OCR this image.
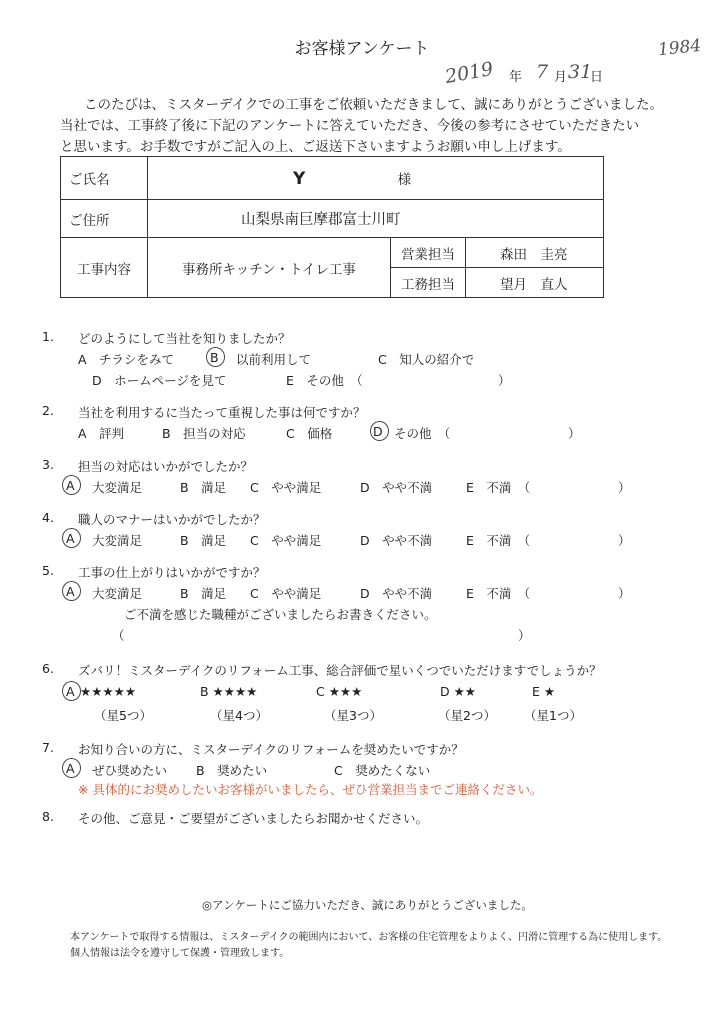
お客様アンケート	1984
2019 年 7 月 31
日
このたびは、ミスターデイクでの工事をご依頼いただきまして、誠にありがとうございました。
当社では、工事終了後に下記のアンケートに答えていただき、今後の参考にさせていただきたい
と思います。お手数ですがご記入の上、ご返送下さいますようお願い申し上げます。
ご氏名	Y 様		
ご住所	山梨県南巨摩郡富士川町		
工事内容	事務所キッチン・トイレ工事	営業担当	森田　圭亮
		工務担当	望月　直人
1. どのようにして当社を知りましたか？
A　チラシをみて	B 以前利用して	C　知人の紹介で
D　ホームページを見て	E　その他　（	）
2. 当社を利用するに当たって重視した事は何ですか？
A　評判	B　担当の対応	C　価格	D その他　（	）
3. 担当の対応はいかがでしたか？
A 大変満足	B　満足 C　やや満足	D　やや不満	E　不満　（	）
4. 職人のマナーはいかがでしたか？
A 大変満足	B　満足 C　やや満足	D　やや不満	E　不満　（	）
5. 工事の仕上がりはいかがですか？
A 大変満足	B　満足 C　やや満足	D　やや不満	E　不満　（	）
ご不満を感じた職種がございましたらお書きください。
（	）
6. ズバリ！ミスターデイクのリフォーム工事、総合評価で星いくつでいただけますでしょうか？
A ★★★★★	B ★★★★	C ★★★	D ★★	E ★
（星5つ）	（星4つ）	（星3つ）	（星2つ） （星1つ）
7. お知り合いの方に、ミスターデイクのリフォームを奨めたいですか？
A ぜひ奨めたい B　奨めたい	C　奨めたくない
※ 具体的にお奨めしたいお客様がいましたら、ぜひ営業担当までご連絡ください。
8. その他、ご意見・ご要望がございましたらお聞かせください。
◎アンケートにご協力いただき、誠にありがとうございました。
本アンケートで取得する情報は、ミスターデイクの範囲内において、お客様の住宅管理をよりよく、円滑に管理する為に使用します。
個人情報は法令を遵守して保護・管理致します。
